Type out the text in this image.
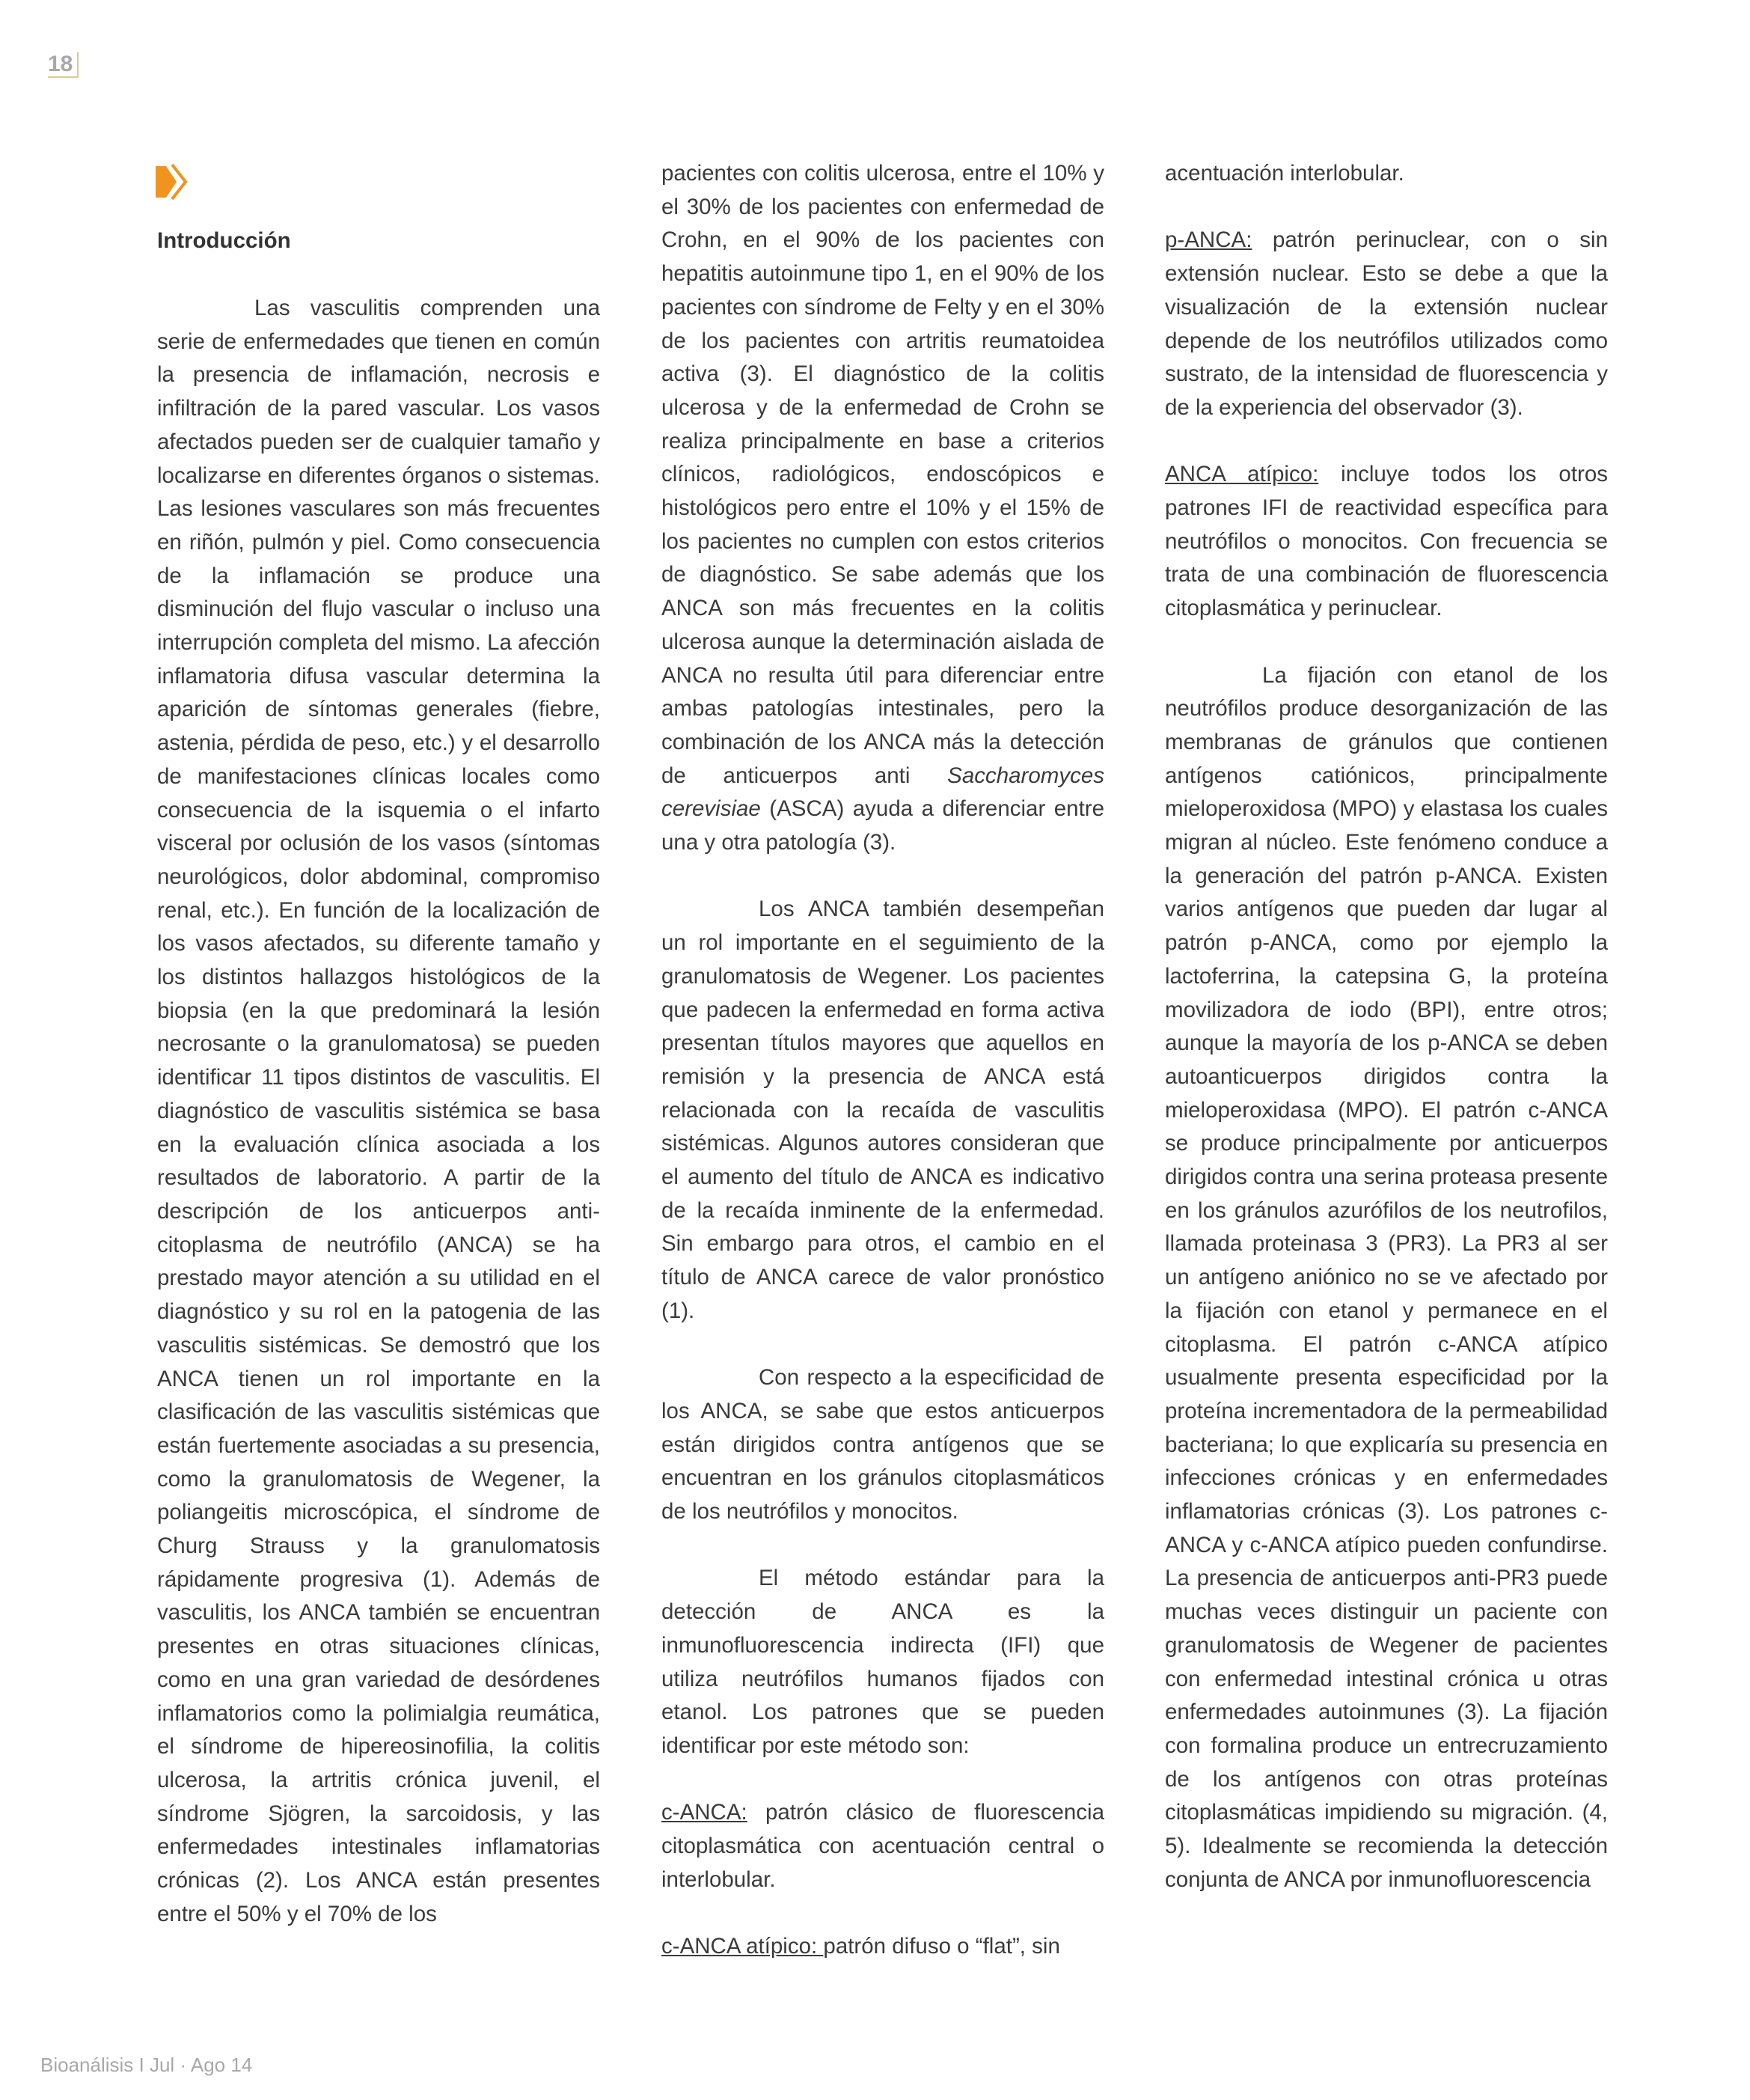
18
Introducción

Las vasculitis comprenden una serie de enfermedades que tienen en común la presencia de inflamación, necrosis e infiltración de la pared vascular. Los vasos afectados pueden ser de cualquier tamaño y localizarse en diferentes órganos o sistemas. Las lesiones vasculares son más frecuentes en riñón, pulmón y piel. Como consecuencia de la inflamación se produce una disminución del flujo vascular o incluso una interrupción completa del mismo. La afección inflamatoria difusa vascular determina la aparición de síntomas generales (fiebre, astenia, pérdida de peso, etc.) y el desarrollo de manifestaciones clínicas locales como consecuencia de la isquemia o el infarto visceral por oclusión de los vasos (síntomas neurológicos, dolor abdominal, compromiso renal, etc.). En función de la localización de los vasos afectados, su diferente tamaño y los distintos hallazgos histológicos de la biopsia (en la que predominará la lesión necrosante o la granulomatosa) se pueden identificar 11 tipos distintos de vasculitis. El diagnóstico de vasculitis sistémica se basa en la evaluación clínica asociada a los resultados de laboratorio. A partir de la descripción de los anticuerpos anti-citoplasma de neutrófilo (ANCA) se ha prestado mayor atención a su utilidad en el diagnóstico y su rol en la patogenia de las vasculitis sistémicas. Se demostró que los ANCA tienen un rol importante en la clasificación de las vasculitis sistémicas que están fuertemente asociadas a su presencia, como la granulomatosis de Wegener, la poliangeitis microscópica, el síndrome de Churg Strauss y la granulomatosis rápidamente progresiva (1). Además de vasculitis, los ANCA también se encuentran presentes en otras situaciones clínicas, como en una gran variedad de desórdenes inflamatorios como la polimialgia reumática, el síndrome de hipereosinofilia, la colitis ulcerosa, la artritis crónica juvenil, el síndrome Sjögren, la sarcoidosis, y las enfermedades intestinales inflamatorias crónicas (2). Los ANCA están presentes entre el 50% y el 70% de los

pacientes con colitis ulcerosa, entre el 10% y el 30% de los pacientes con enfermedad de Crohn, en el 90% de los pacientes con hepatitis autoinmune tipo 1, en el 90% de los pacientes con síndrome de Felty y en el 30% de los pacientes con artritis reumatoidea activa (3). El diagnóstico de la colitis ulcerosa y de la enfermedad de Crohn se realiza principalmente en base a criterios clínicos, radiológicos, endoscópicos e histológicos pero entre el 10% y el 15% de los pacientes no cumplen con estos criterios de diagnóstico. Se sabe además que los ANCA son más frecuentes en la colitis ulcerosa aunque la determinación aislada de ANCA no resulta útil para diferenciar entre ambas patologías intestinales, pero la combinación de los ANCA más la detección de anticuerpos anti Saccharomyces cerevisiae (ASCA) ayuda a diferenciar entre una y otra patología (3).

Los ANCA también desempeñan un rol importante en el seguimiento de la granulomatosis de Wegener. Los pacientes que padecen la enfermedad en forma activa presentan títulos mayores que aquellos en remisión y la presencia de ANCA está relacionada con la recaída de vasculitis sistémicas. Algunos autores consideran que el aumento del título de ANCA es indicativo de la recaída inminente de la enfermedad. Sin embargo para otros, el cambio en el título de ANCA carece de valor pronóstico (1).

Con respecto a la especificidad de los ANCA, se sabe que estos anticuerpos están dirigidos contra antígenos que se encuentran en los gránulos citoplasmáticos de los neutrófilos y monocitos.

El método estándar para la detección de ANCA es la inmunofluorescencia indirecta (IFI) que utiliza neutrófilos humanos fijados con etanol. Los patrones que se pueden identificar por este método son:

c-ANCA: patrón clásico de fluorescencia citoplasmática con acentuación central o interlobular.

c-ANCA atípico: patrón difuso o “flat”, sin

acentuación interlobular.

p-ANCA: patrón perinuclear, con o sin extensión nuclear. Esto se debe a que la visualización de la extensión nuclear depende de los neutrófilos utilizados como sustrato, de la intensidad de fluorescencia y de la experiencia del observador (3).

ANCA atípico: incluye todos los otros patrones IFI de reactividad específica para neutrófilos o monocitos. Con frecuencia se trata de una combinación de fluorescencia citoplasmática y perinuclear.

La fijación con etanol de los neutrófilos produce desorganización de las membranas de gránulos que contienen antígenos catiónicos, principalmente mieloperoxidosa (MPO) y elastasa los cuales migran al núcleo. Este fenómeno conduce a la generación del patrón p-ANCA. Existen varios antígenos que pueden dar lugar al patrón p-ANCA, como por ejemplo la lactoferrina, la catepsina G, la proteína movilizadora de iodo (BPI), entre otros; aunque la mayoría de los p-ANCA se deben autoanticuerpos dirigidos contra la mieloperoxidasa (MPO). El patrón c-ANCA se produce principalmente por anticuerpos dirigidos contra una serina proteasa presente en los gránulos azurófilos de los neutrofilos, llamada proteinasa 3 (PR3). La PR3 al ser un antígeno aniónico no se ve afectado por la fijación con etanol y permanece en el citoplasma. El patrón c-ANCA atípico usualmente presenta especificidad por la proteína incrementadora de la permeabilidad bacteriana; lo que explicaría su presencia en infecciones crónicas y en enfermedades inflamatorias crónicas (3). Los patrones c-ANCA y c-ANCA atípico pueden confundirse. La presencia de anticuerpos anti-PR3 puede muchas veces distinguir un paciente con granulomatosis de Wegener de pacientes con enfermedad intestinal crónica u otras enfermedades autoinmunes (3). La fijación con formalina produce un entrecruzamiento de los antígenos con otras proteínas citoplasmáticas impidiendo su migración. (4, 5). Idealmente se recomienda la detección conjunta de ANCA por inmunofluorescencia

Bioanálisis I Jul · Ago 14
